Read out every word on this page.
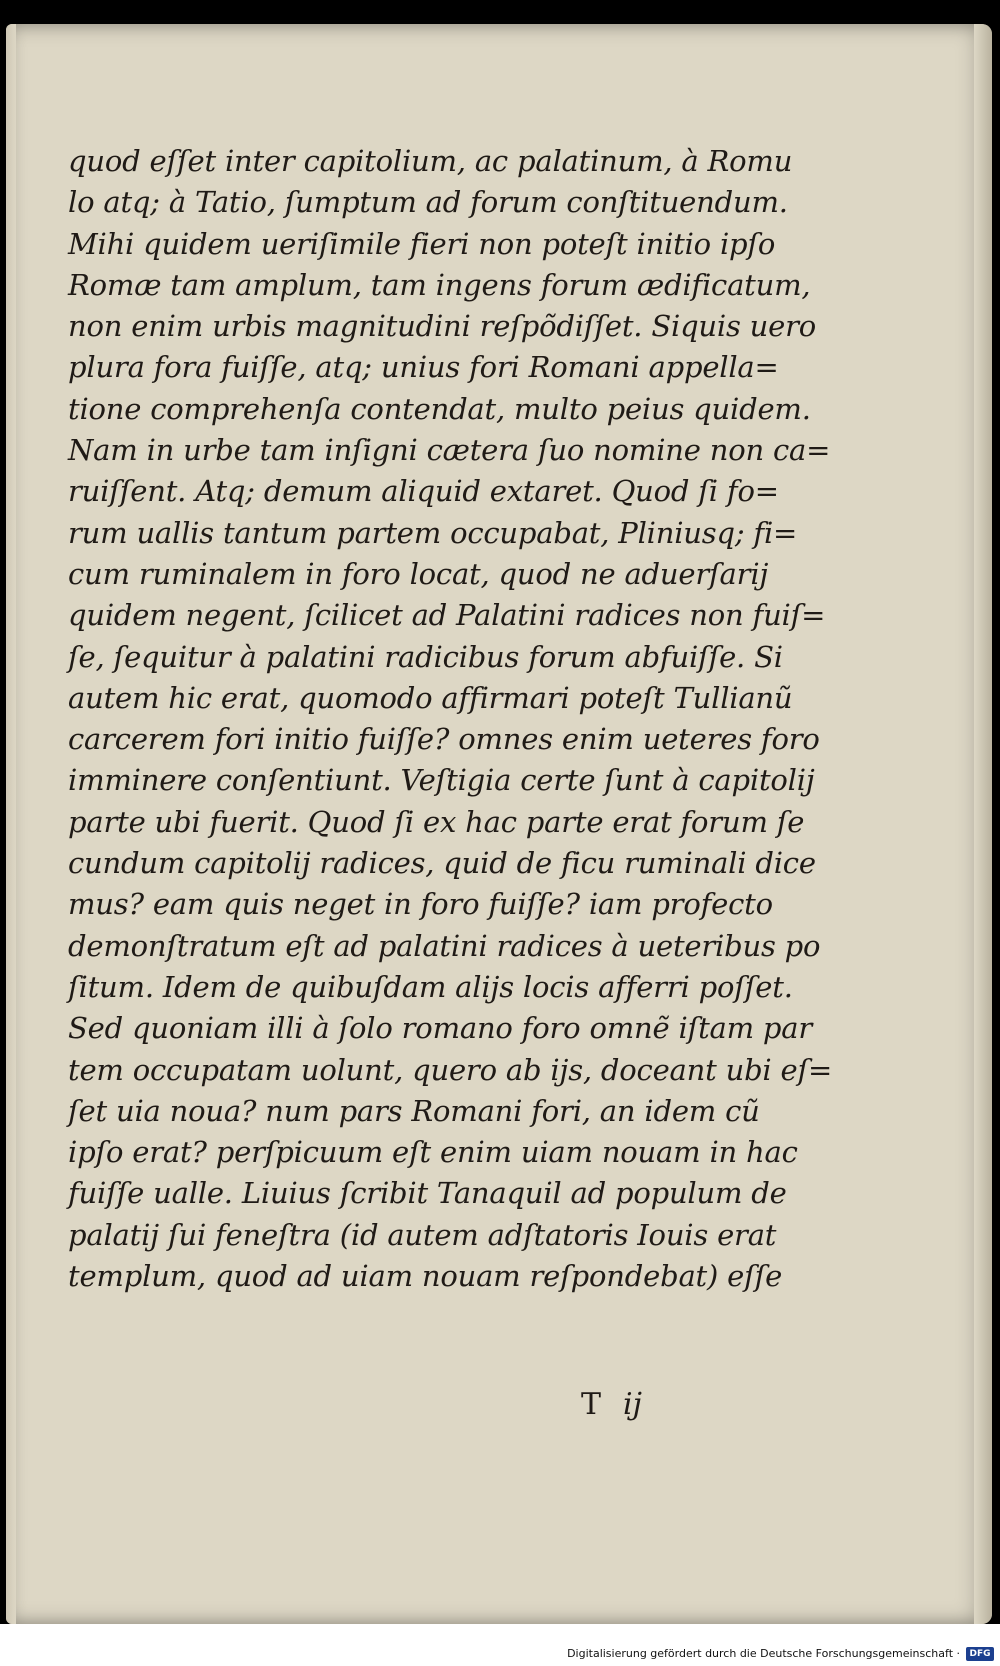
quod eſſet inter capitolium, ac palatinum, à Romu
lo atq; à Tatio, ſumptum ad forum conſtituendum.
Mihi quidem ueriſimile fieri non poteſt initio ipſo
Romæ tam amplum, tam ingens forum ædificatum,
non enim urbis magnitudini reſpõdiſſet. Siquis uero
plura fora fuiſſe, atq; unius fori Romani appella=
tione comprehenſa contendat, multo peius quidem.
Nam in urbe tam inſigni cætera ſuo nomine non ca=
ruiſſent. Atq; demum aliquid extaret. Quod ſi fo=
rum uallis tantum partem occupabat, Pliniusq; fi=
cum ruminalem in foro locat, quod ne aduerſarij
quidem negent, ſcilicet ad Palatini radices non fuiſ=
ſe, ſequitur à palatini radicibus forum abfuiſſe. Si
autem hic erat, quomodo affirmari poteſt Tullianũ
carcerem fori initio fuiſſe? omnes enim ueteres foro
imminere conſentiunt. Veſtigia certe ſunt à capitolij
parte ubi fuerit. Quod ſi ex hac parte erat forum ſe
cundum capitolij radices, quid de ficu ruminali dice
mus? eam quis neget in foro fuiſſe? iam profecto
demonſtratum eſt ad palatini radices à ueteribus po
ſitum. Idem de quibuſdam alijs locis afferri poſſet.
Sed quoniam illi à ſolo romano foro omnẽ iſtam par
tem occupatam uolunt, quero ab ijs, doceant ubi eſ=
ſet uia noua? num pars Romani fori, an idem cũ
ipſo erat? perſpicuum eſt enim uiam nouam in hac
fuiſſe ualle. Liuius ſcribit Tanaquil ad populum de
palatij ſui feneſtra (id autem adſtatoris Iouis erat
templum, quod ad uiam nouam reſpondebat) eſſe
Tij
Digitalisierung gefördert durch die Deutsche Forschungsgemeinschaft ·	DFG
